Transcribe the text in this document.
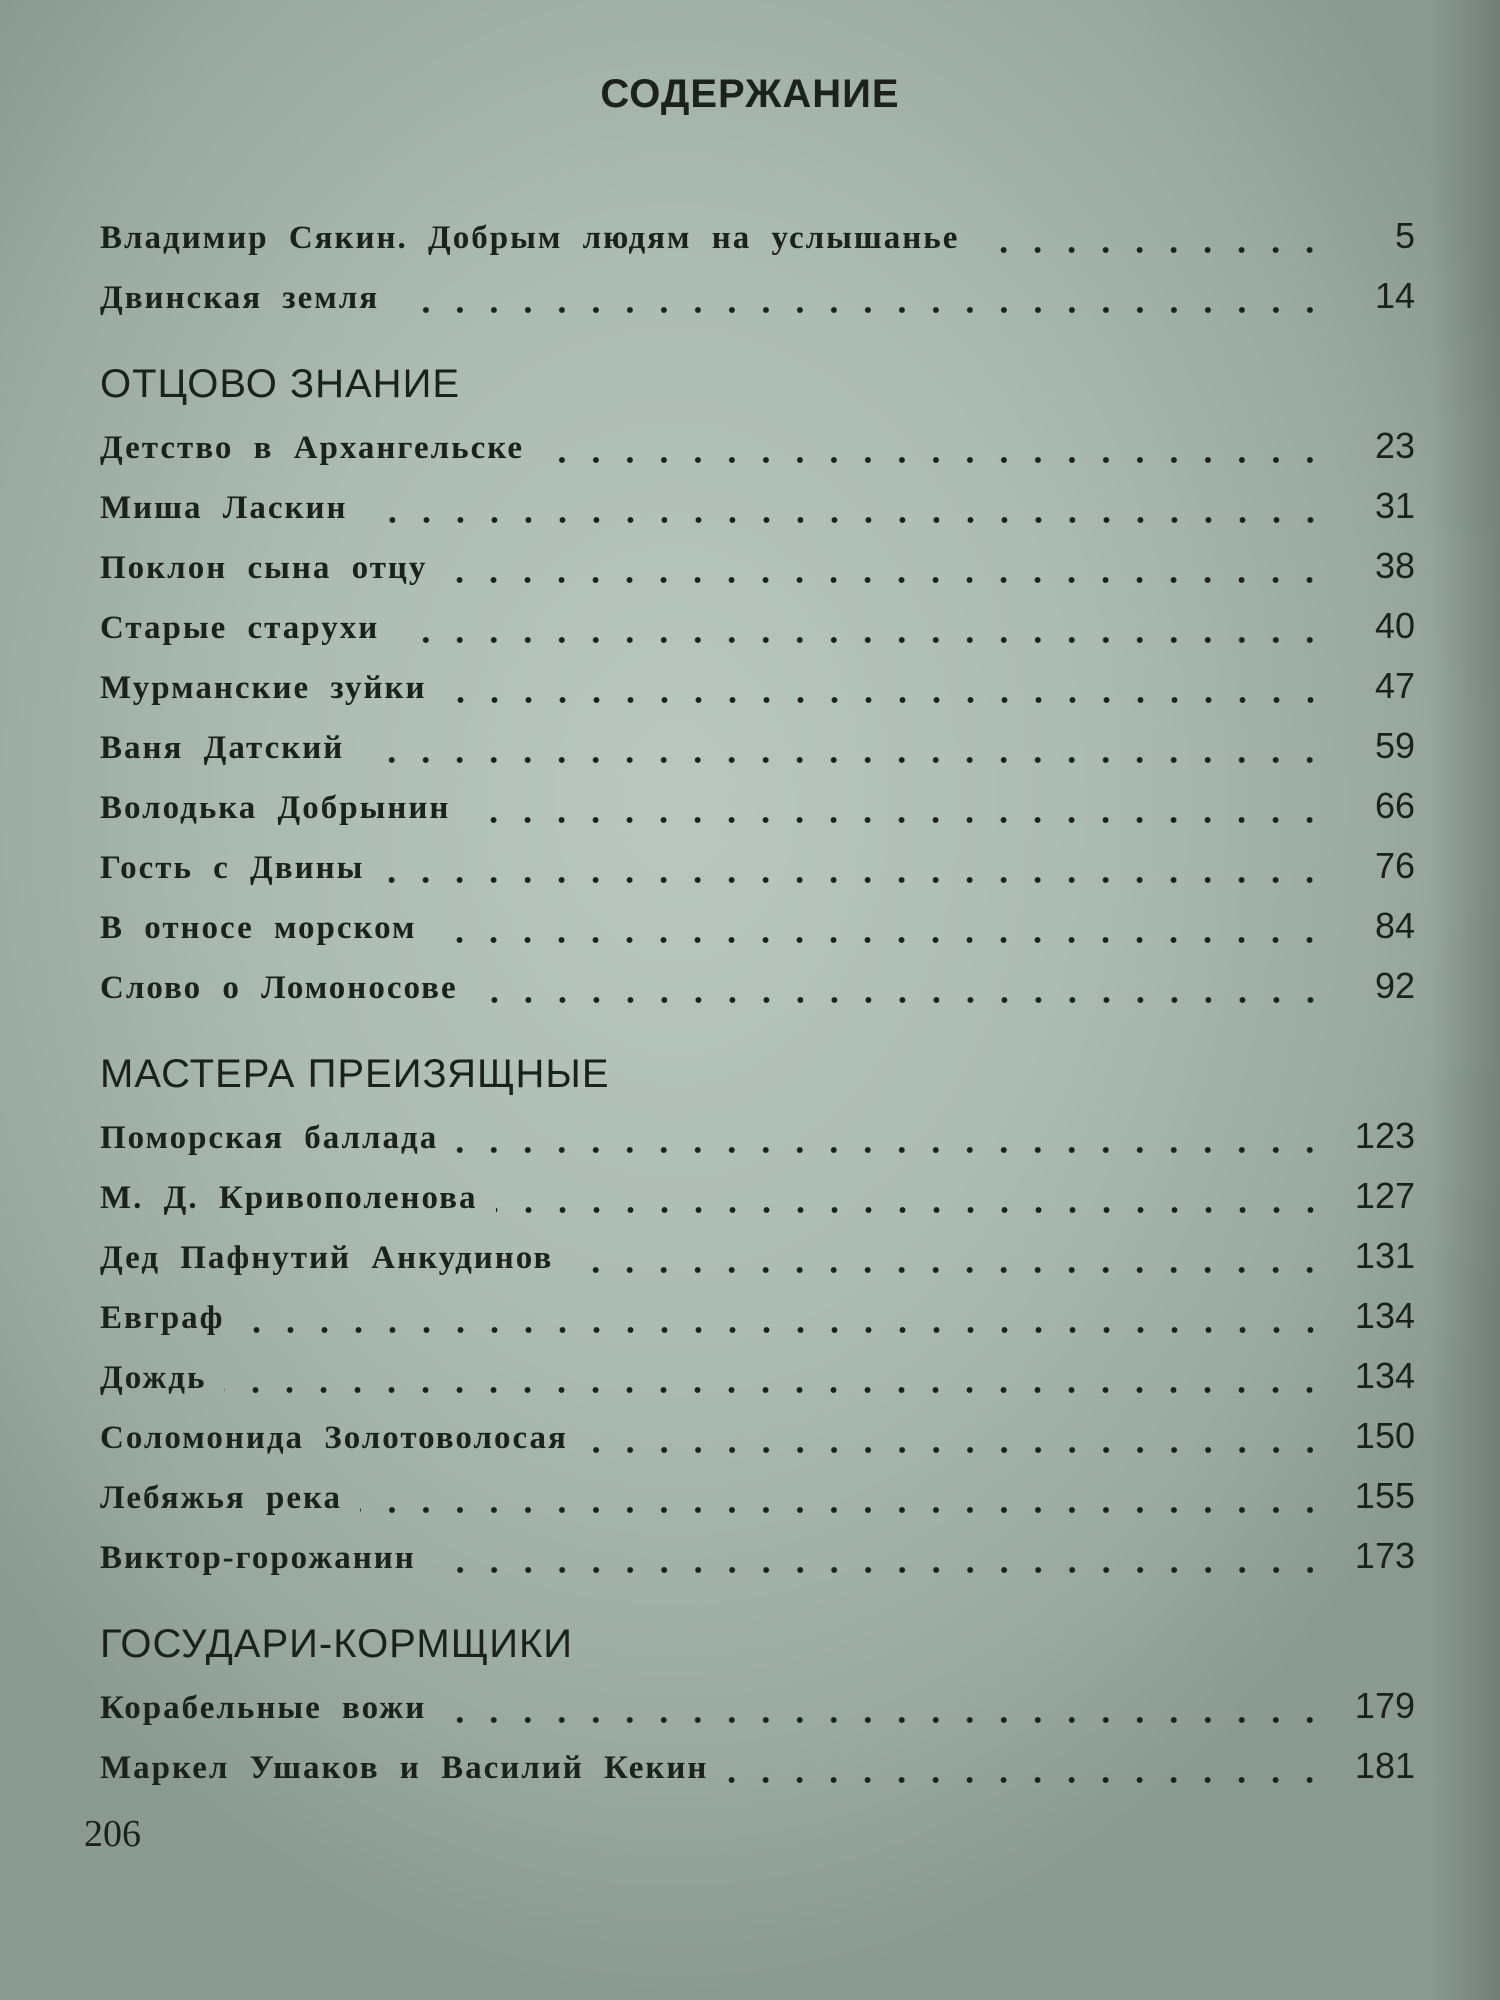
СОДЕРЖАНИЕ
Владимир Сякин. Добрым людям на услышанье	5
Двинская земля	14
ОТЦОВО ЗНАНИЕ
Детство в Архангельске	23
Миша Ласкин	31
Поклон сына отцу	38
Старые старухи	40
Мурманские зуйки	47
Ваня Датский	59
Володька Добрынин	66
Гость с Двины	76
В относе морском	84
Слово о Ломоносове	92
МАСТЕРА ПРЕИЗЯЩНЫЕ
Поморская баллада	123
М. Д. Кривополенова	127
Дед Пафнутий Анкудинов	131
Евграф	134
Дождь	134
Соломонида Золотоволосая	150
Лебяжья река	155
Виктор-горожанин	173
ГОСУДАРИ-КОРМЩИКИ
Корабельные вожи	179
Маркел Ушаков и Василий Кекин	181
206
